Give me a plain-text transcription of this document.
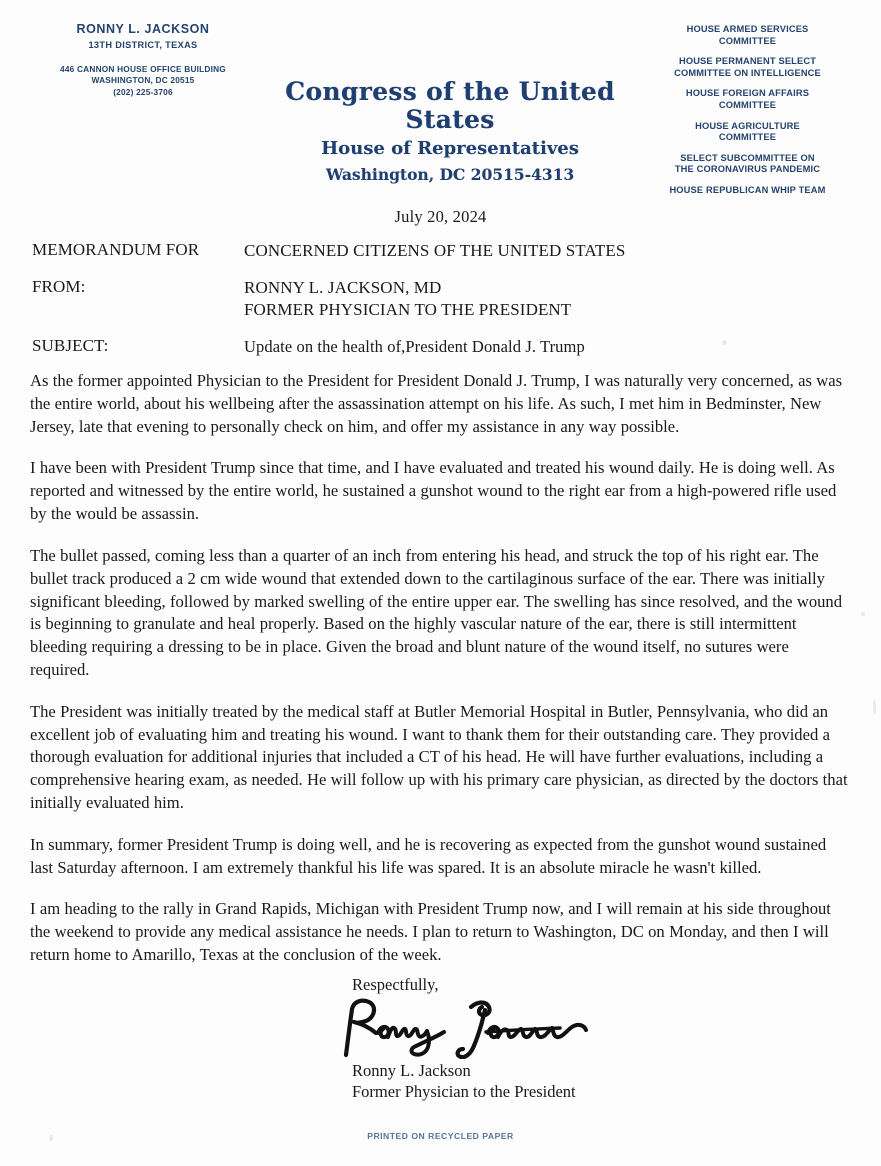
RONNY L. JACKSON
13TH DISTRICT, TEXAS
446 CANNON HOUSE OFFICE BUILDING
WASHINGTON, DC 20515
(202) 225-3706	Congress of the United States
House of Representatives
Washington, DC 20515-4313
HOUSE ARMED SERVICES
COMMITTEE
HOUSE PERMANENT SELECT
COMMITTEE ON INTELLIGENCE
HOUSE FOREIGN AFFAIRS
COMMITTEE
HOUSE AGRICULTURE
COMMITTEE
SELECT SUBCOMMITTEE ON
THE CORONAVIRUS PANDEMIC
HOUSE REPUBLICAN WHIP TEAM
July 20, 2024
MEMORANDUM FOR	CONCERNED CITIZENS OF THE UNITED STATES
FROM:	RONNY L. JACKSON, MD
FORMER PHYSICIAN TO THE PRESIDENT
SUBJECT:	Update on the health of,President Donald J. Trump

As the former appointed Physician to the President for President Donald J. Trump, I was naturally very concerned, as was the entire world, about his wellbeing after the assassination attempt on his life. As such, I met him in Bedminster, New Jersey, late that evening to personally check on him, and offer my assistance in any way possible.

I have been with President Trump since that time, and I have evaluated and treated his wound daily. He is doing well. As reported and witnessed by the entire world, he sustained a gunshot wound to the right ear from a high-powered rifle used by the would be assassin.

The bullet passed, coming less than a quarter of an inch from entering his head, and struck the top of his right ear. The bullet track produced a 2 cm wide wound that extended down to the cartilaginous surface of the ear. There was initially significant bleeding, followed by marked swelling of the entire upper ear. The swelling has since resolved, and the wound is beginning to granulate and heal properly. Based on the highly vascular nature of the ear, there is still intermittent bleeding requiring a dressing to be in place. Given the broad and blunt nature of the wound itself, no sutures were required.

The President was initially treated by the medical staff at Butler Memorial Hospital in Butler, Pennsylvania, who did an excellent job of evaluating him and treating his wound. I want to thank them for their outstanding care. They provided a thorough evaluation for additional injuries that included a CT of his head. He will have further evaluations, including a comprehensive hearing exam, as needed. He will follow up with his primary care physician, as directed by the doctors that initially evaluated him.

In summary, former President Trump is doing well, and he is recovering as expected from the gunshot wound sustained last Saturday afternoon. I am extremely thankful his life was spared. It is an absolute miracle he wasn't killed.

I am heading to the rally in Grand Rapids, Michigan with President Trump now, and I will remain at his side throughout the weekend to provide any medical assistance he needs. I plan to return to Washington, DC on Monday, and then I will return home to Amarillo, Texas at the conclusion of the week.

Respectfully,
Ronny L. Jackson
Former Physician to the President
PRINTED ON RECYCLED PAPER
